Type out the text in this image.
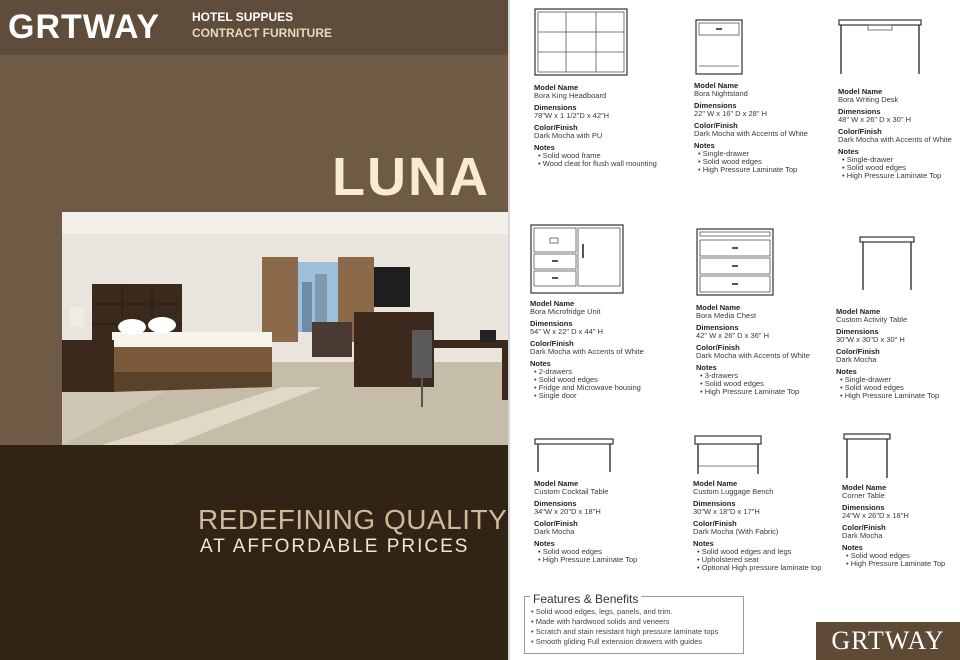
GRTWAY	HOTEL SUPPUES
CONTRACT FURNITURE
LUNA
REDEFINING QUALITY
AT AFFORDABLE PRICES
Model Name
Bora King Headboard
Dimensions
78"W x 1 1/2"D x 42"H
Color/Finish
Dark Mocha with PU
Notes
• Solid wood frame
• Wood cleat for flush wall mounting
Model Name
Bora Nightstand
Dimensions
22" W x 16" D x 28" H
Color/Finish
Dark Mocha with Accents of White
Notes
• Single-drawer
• Solid wood edges
• High Pressure Laminate Top
Model Name
Bora Writing Desk
Dimensions
48" W x 26" D x 30" H
Color/Finish
Dark Mocha with Accents of White
Notes
• Single-drawer
• Solid wood edges
• High Pressure Laminate Top
Model Name
Bora Microfridge Unit
Dimensions
54" W x 22" D x 44" H
Color/Finish
Dark Mocha with Accents of White
Notes
• 2-drawers
• Solid wood edges
• Fridge and Microwave housing
• Single door
Model Name
Bora Media Chest
Dimensions
42" W x 26" D x 36" H
Color/Finish
Dark Mocha with Accents of White
Notes
• 3-drawers
• Solid wood edges
• High Pressure Laminate Top
Model Name
Custom Activity Table
Dimensions
30"W x 30"D x 30" H
Color/Finish
Dark Mocha
Notes
• Single-drawer
• Solid wood edges
• High Pressure Laminate Top
Model Name
Custom Cocktail Table
Dimensions
34"W x 20"D x 18"H
Color/Finish
Dark Mocha
Notes
• Solid wood edges
• High Pressure Laminate Top
Model Name
Custom Luggage Bench
Dimensions
30"W x 18"D x 17"H
Color/Finish
Dark Mocha (With Fabric)
Notes
• Solid wood edges and legs
• Upholstered seat
• Optional High pressure laminate top
Model Name
Corner Table
Dimensions
24"W x 26"D x 18"H
Color/Finish
Dark Mocha
Notes
• Solid wood edges
• High Pressure Laminate Top
• Solid wood edges, legs, panels, and trim.
• Made with hardwood solids and veneers
• Scratch and stain resistant high pressure laminate tops
• Smooth gliding Full extension drawers with guides
Features & Benefits
GRTWAY
